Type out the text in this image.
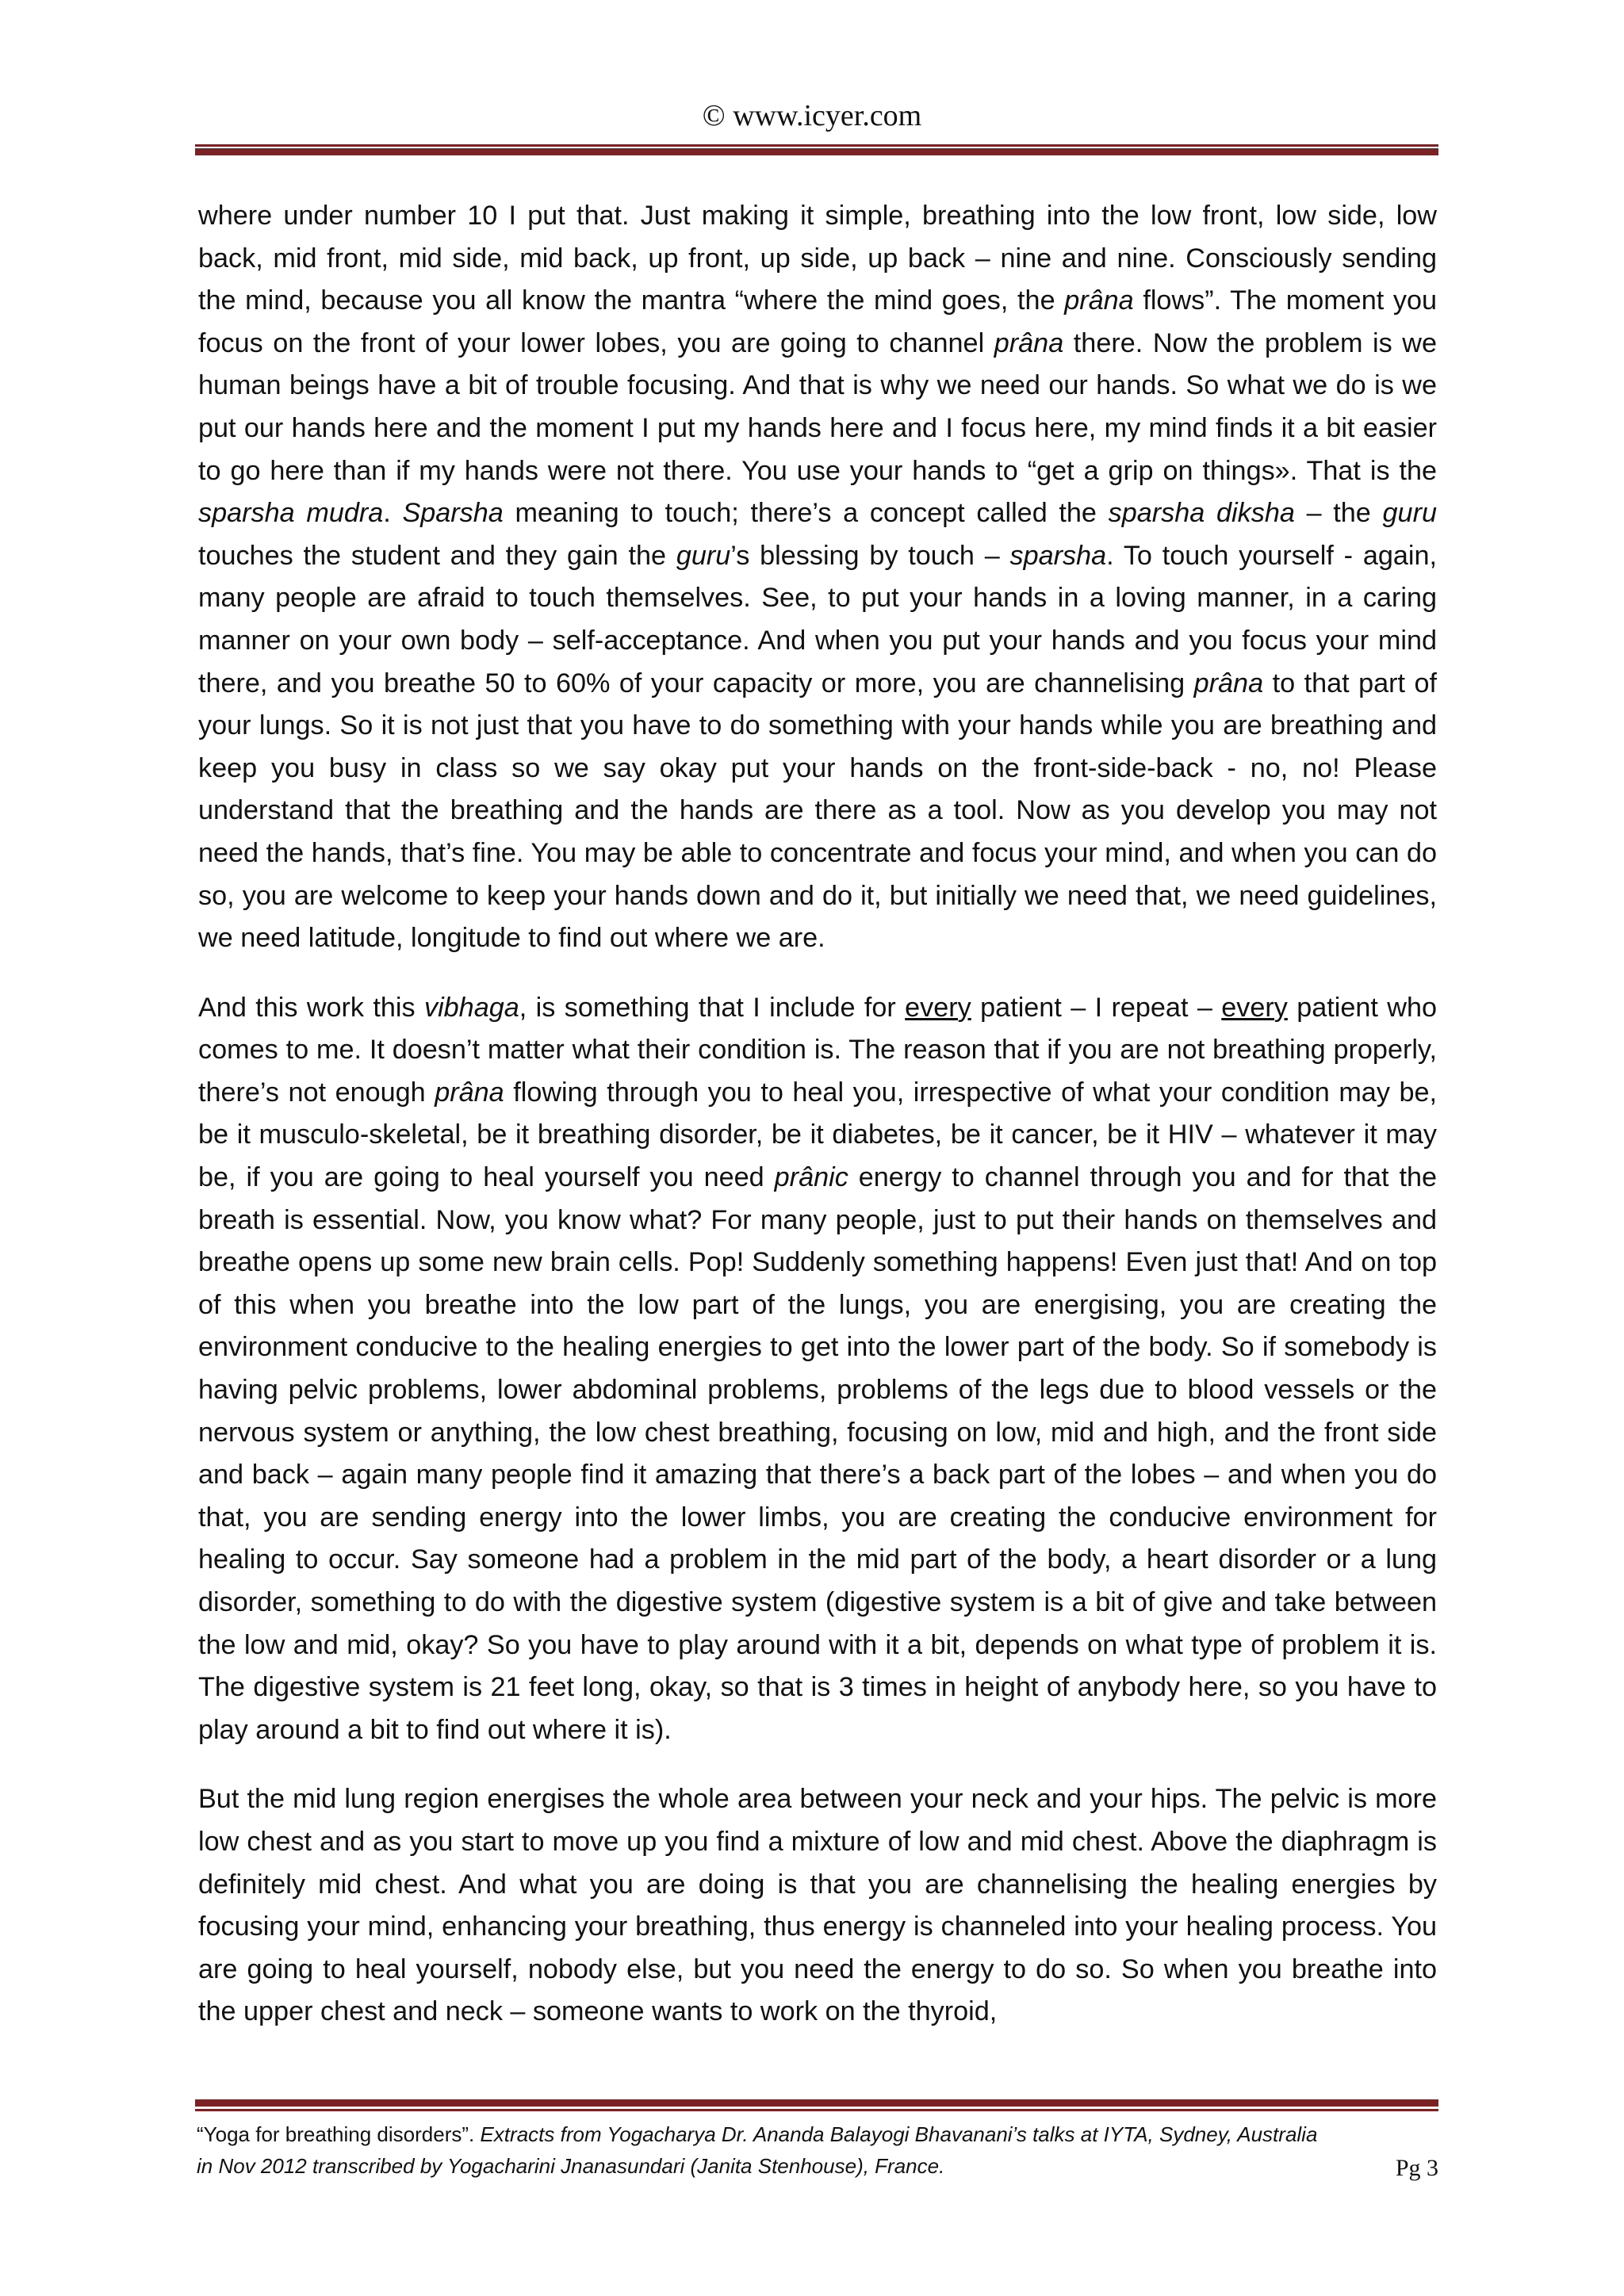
© www.icyer.com

where under number 10 I put that. Just making it simple, breathing into the low front, low side, low back, mid front, mid side, mid back, up front, up side, up back – nine and nine. Consciously sending the mind, because you all know the mantra “where the mind goes, the prâna flows”. The moment you focus on the front of your lower lobes, you are going to channel prâna there. Now the problem is we human beings have a bit of trouble focusing. And that is why we need our hands. So what we do is we put our hands here and the moment I put my hands here and I focus here, my mind finds it a bit easier to go here than if my hands were not there. You use your hands to “get a grip on things». That is the sparsha mudra. Sparsha meaning to touch; there’s a concept called the sparsha diksha – the guru touches the student and they gain the guru’s blessing by touch – sparsha. To touch yourself - again, many people are afraid to touch themselves. See, to put your hands in a loving manner, in a caring manner on your own body – self-acceptance. And when you put your hands and you focus your mind there, and you breathe 50 to 60% of your capacity or more, you are channelising prâna to that part of your lungs. So it is not just that you have to do something with your hands while you are breathing and keep you busy in class so we say okay put your hands on the front-side-back - no, no! Please understand that the breathing and the hands are there as a tool. Now as you develop you may not need the hands, that’s fine. You may be able to concentrate and focus your mind, and when you can do so, you are welcome to keep your hands down and do it, but initially we need that, we need guidelines, we need latitude, longitude to find out where we are.

And this work this vibhaga, is something that I include for every patient – I repeat – every patient who comes to me. It doesn’t matter what their condition is. The reason that if you are not breathing properly, there’s not enough prâna flowing through you to heal you, irrespective of what your condition may be, be it musculo-skeletal, be it breathing disorder, be it diabetes, be it cancer, be it HIV – whatever it may be, if you are going to heal yourself you need prânic energy to channel through you and for that the breath is essential. Now, you know what? For many people, just to put their hands on themselves and breathe opens up some new brain cells. Pop! Suddenly something happens! Even just that! And on top of this when you breathe into the low part of the lungs, you are energising, you are creating the environment conducive to the healing energies to get into the lower part of the body. So if somebody is having pelvic problems, lower abdominal problems, problems of the legs due to blood vessels or the nervous system or anything, the low chest breathing, focusing on low, mid and high, and the front side and back – again many people find it amazing that there’s a back part of the lobes – and when you do that, you are sending energy into the lower limbs, you are creating the conducive environment for healing to occur. Say someone had a problem in the mid part of the body, a heart disorder or a lung disorder, something to do with the digestive system (digestive system is a bit of give and take between the low and mid, okay? So you have to play around with it a bit, depends on what type of problem it is. The digestive system is 21 feet long, okay, so that is 3 times in height of anybody here, so you have to play around a bit to find out where it is).

But the mid lung region energises the whole area between your neck and your hips. The pelvic is more low chest and as you start to move up you find a mixture of low and mid chest. Above the diaphragm is definitely mid chest. And what you are doing is that you are channelising the healing energies by focusing your mind, enhancing your breathing, thus energy is channeled into your healing process. You are going to heal yourself, nobody else, but you need the energy to do so. So when you breathe into the upper chest and neck – someone wants to work on the thyroid,

“Yoga for breathing disorders”. Extracts from Yogacharya Dr. Ananda Balayogi Bhavanani’s talks at IYTA, Sydney, Australia
in Nov 2012 transcribed by Yogacharini Jnanasundari (Janita Stenhouse), France.	Pg 3
